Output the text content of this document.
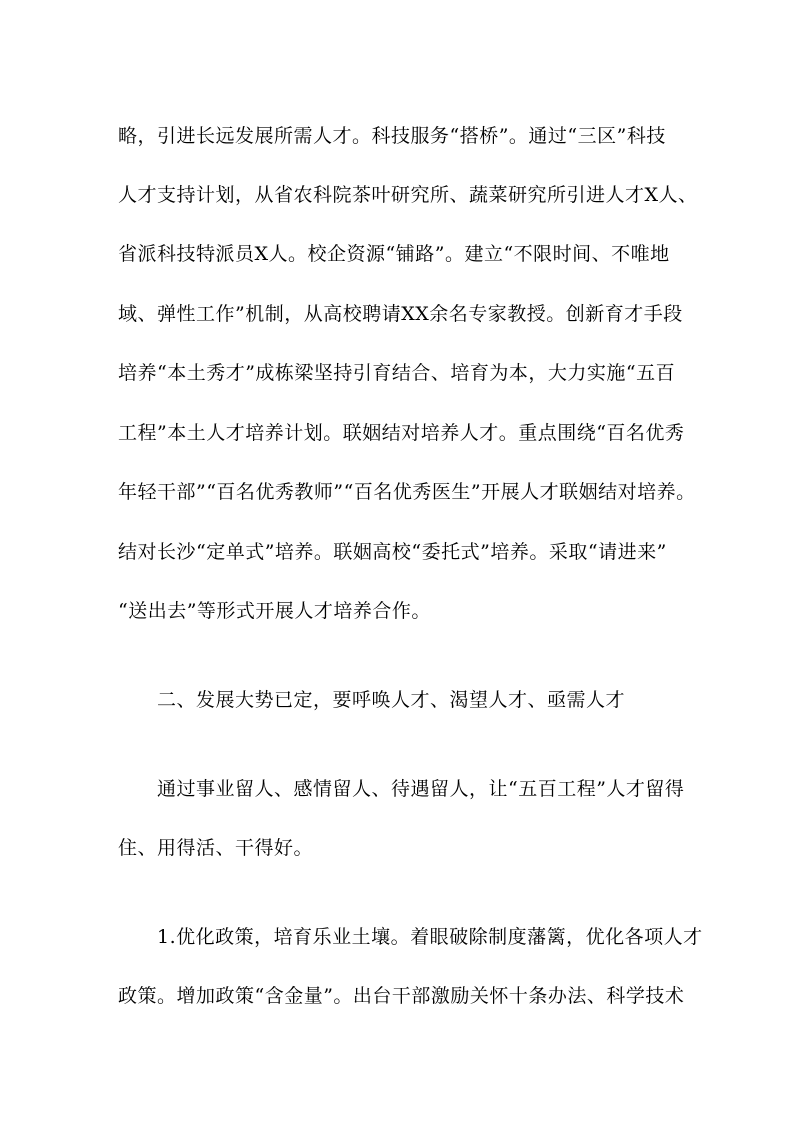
略，引进长远发展所需人才。科技服务“搭桥”。通过“三区”科技
人才支持计划，从省农科院茶叶研究所、蔬菜研究所引进人才X人、
省派科技特派员X人。校企资源“铺路”。建立“不限时间、不唯地
域、弹性工作”机制，从高校聘请XX余名专家教授。创新育才手段
培养“本土秀才”成栋梁坚持引育结合、培育为本，大力实施“五百
工程”本土人才培养计划。联姻结对培养人才。重点围绕“百名优秀
年轻干部”“百名优秀教师”“百名优秀医生”开展人才联姻结对培养。
结对长沙“定单式”培养。联姻高校“委托式”培养。采取“请进来”
“送出去”等形式开展人才培养合作。
二、发展大势已定，要呼唤人才、渴望人才、亟需人才
通过事业留人、感情留人、待遇留人，让“五百工程”人才留得
住、用得活、干得好。
1.优化政策，培育乐业土壤。着眼破除制度藩篱，优化各项人才
政策。增加政策“含金量”。出台干部激励关怀十条办法、科学技术
